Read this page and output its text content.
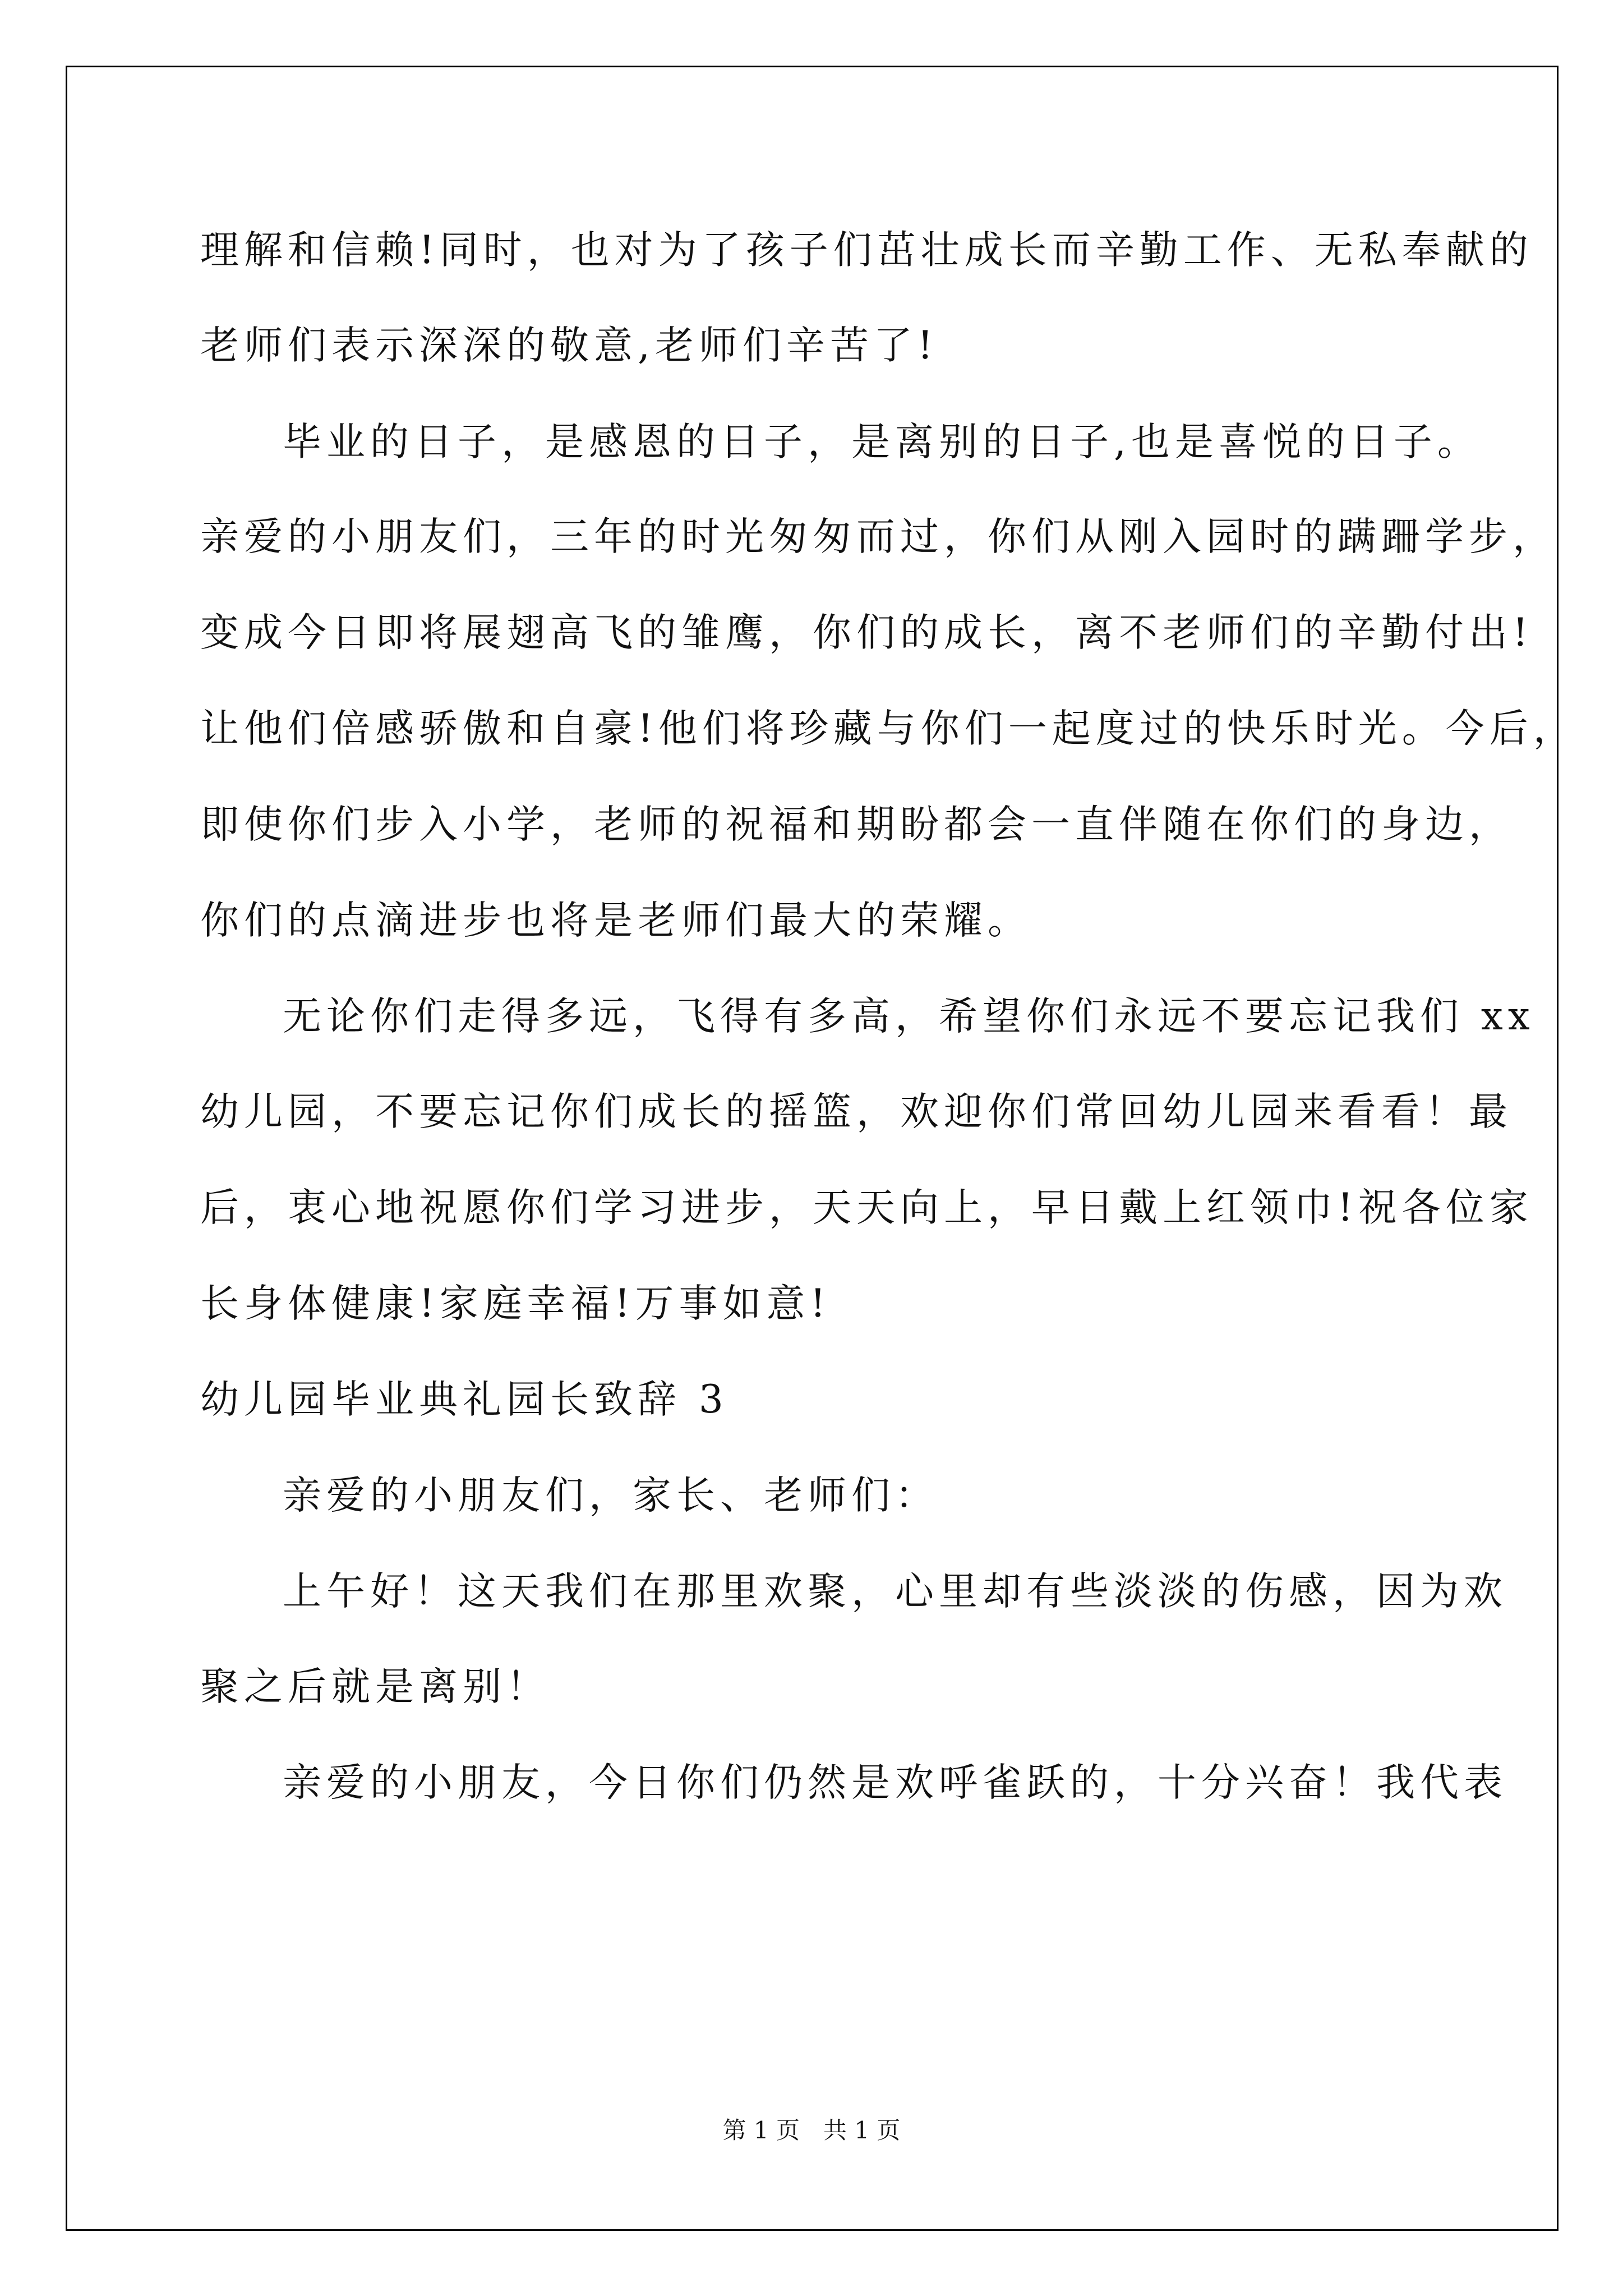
理解和信赖!同时，也对为了孩子们茁壮成长而辛勤工作、无私奉献的

老师们表示深深的敬意,老师们辛苦了!

毕业的日子，是感恩的日子，是离别的日子,也是喜悦的日子。

亲爱的小朋友们，三年的时光匆匆而过，你们从刚入园时的蹒跚学步，

变成今日即将展翅高飞的雏鹰，你们的成长，离不老师们的辛勤付出!

让他们倍感骄傲和自豪!他们将珍藏与你们一起度过的快乐时光。今后，

即使你们步入小学，老师的祝福和期盼都会一直伴随在你们的身边，

你们的点滴进步也将是老师们最大的荣耀。

无论你们走得多远，飞得有多高，希望你们永远不要忘记我们 xx

幼儿园，不要忘记你们成长的摇篮，欢迎你们常回幼儿园来看看！最

后，衷心地祝愿你们学习进步，天天向上，早日戴上红领巾!祝各位家

长身体健康!家庭幸福!万事如意!

幼儿园毕业典礼园长致辞 3

亲爱的小朋友们，家长、老师们：

上午好！这天我们在那里欢聚，心里却有些淡淡的伤感，因为欢

聚之后就是离别！

亲爱的小朋友，今日你们仍然是欢呼雀跃的，十分兴奋！我代表

第 1 页　共 1 页
